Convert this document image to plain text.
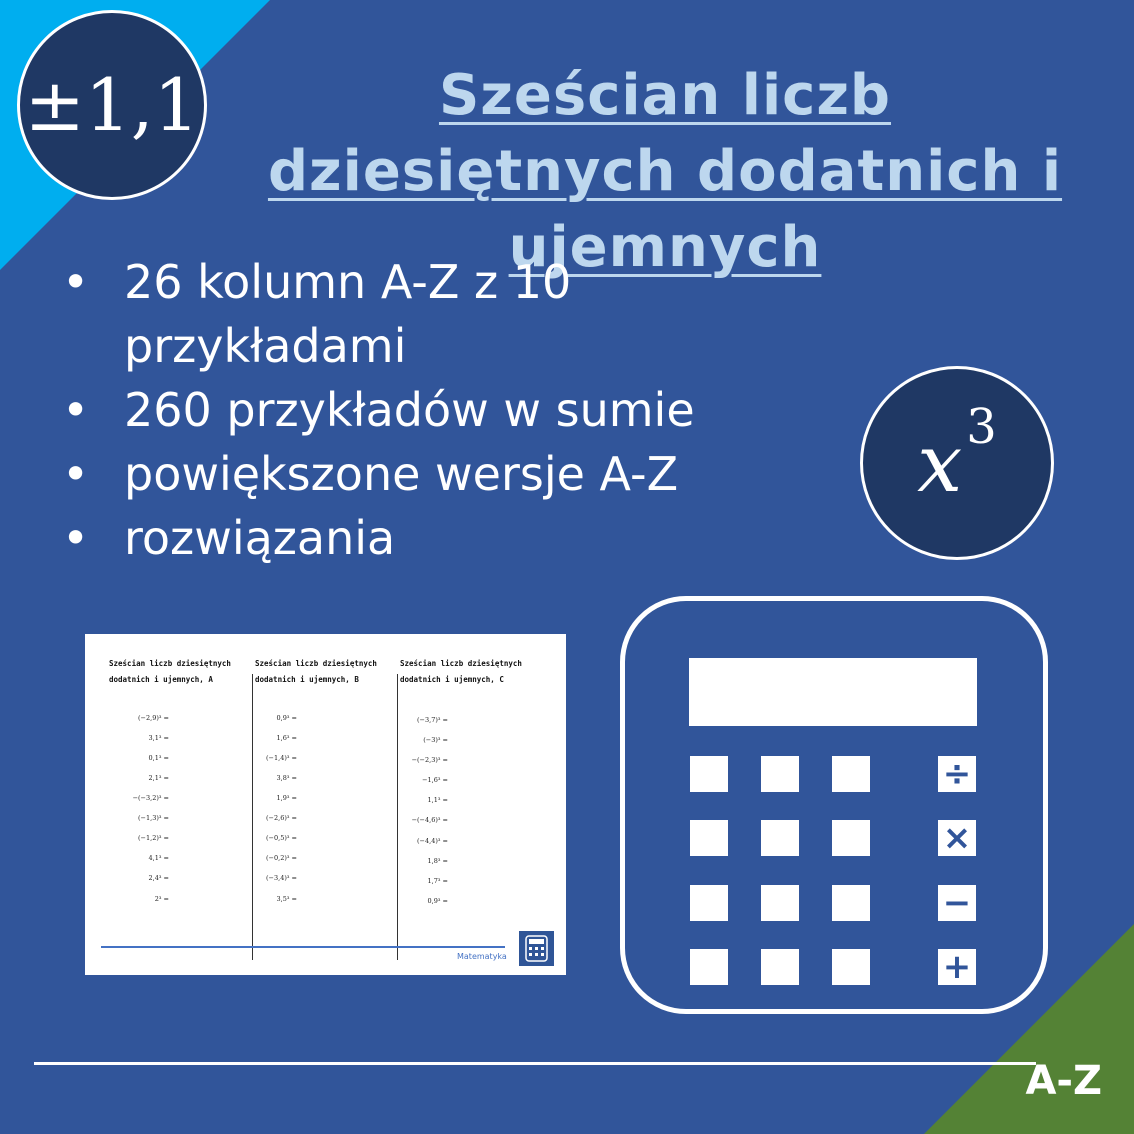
±1,1	Sześcian liczb dziesiętnych dodatnich i ujemnych
• 26 kolumn A-Z z 10 przykładami
• 260 przykładów w sumie
• powiększone wersje A-Z
• rozwiązania
x 3
Sześcian liczb dziesiętnych
dodatnich i ujemnych, A
Sześcian liczb dziesiętnych
dodatnich i ujemnych, B
Sześcian liczb dziesiętnych
dodatnich i ujemnych, C
(−2,9)³ =
3,1³ =
0,1³ =
2,1³ =
−(−3,2)³ =
(−1,3)³ =
(−1,2)³ =
4,1³ =
2,4³ =
2³ =
0,9³ =
1,6³ =
(−1,4)³ =
3,8³ =
1,9³ =
(−2,6)³ =
(−0,5)³ =
(−0,2)³ =
(−3,4)³ =
3,5³ =
(−3,7)³ =
(−3)³ =
−(−2,3)³ =
−1,6³ =
1,1³ =
−(−4,6)³ =
(−4,4)³ =
1,8³ =
1,7³ =
0,9³ =
Matematyka
÷
×
−
+
A-Z
